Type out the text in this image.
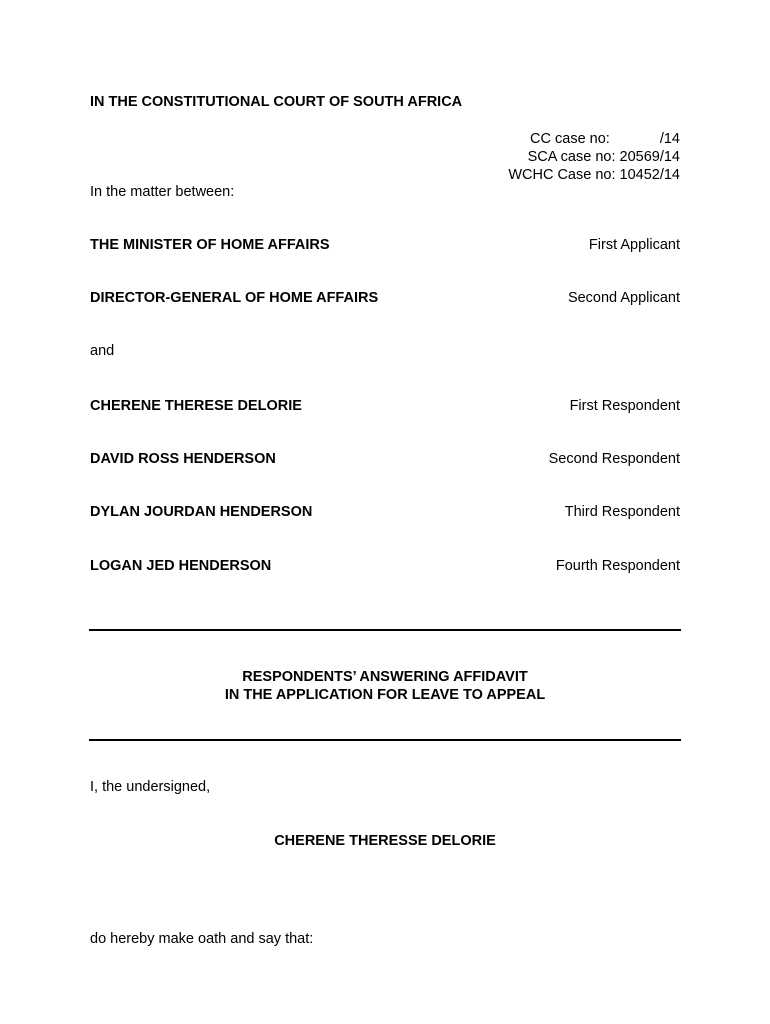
IN THE CONSTITUTIONAL COURT OF SOUTH AFRICA
CC case no:	/14
SCA case no: 20569/14
WCHC Case no: 10452/14
In the matter between:
THE MINISTER OF HOME AFFAIRS	First Applicant
DIRECTOR-GENERAL OF HOME AFFAIRS	Second Applicant
and
CHERENE THERESE DELORIE	First Respondent
DAVID ROSS HENDERSON	Second Respondent
DYLAN JOURDAN HENDERSON	Third Respondent
LOGAN JED HENDERSON	Fourth Respondent
RESPONDENTS’ ANSWERING AFFIDAVIT
IN THE APPLICATION FOR LEAVE TO APPEAL
I, the undersigned,
CHERENE THERESSE DELORIE
do hereby make oath and say that:
